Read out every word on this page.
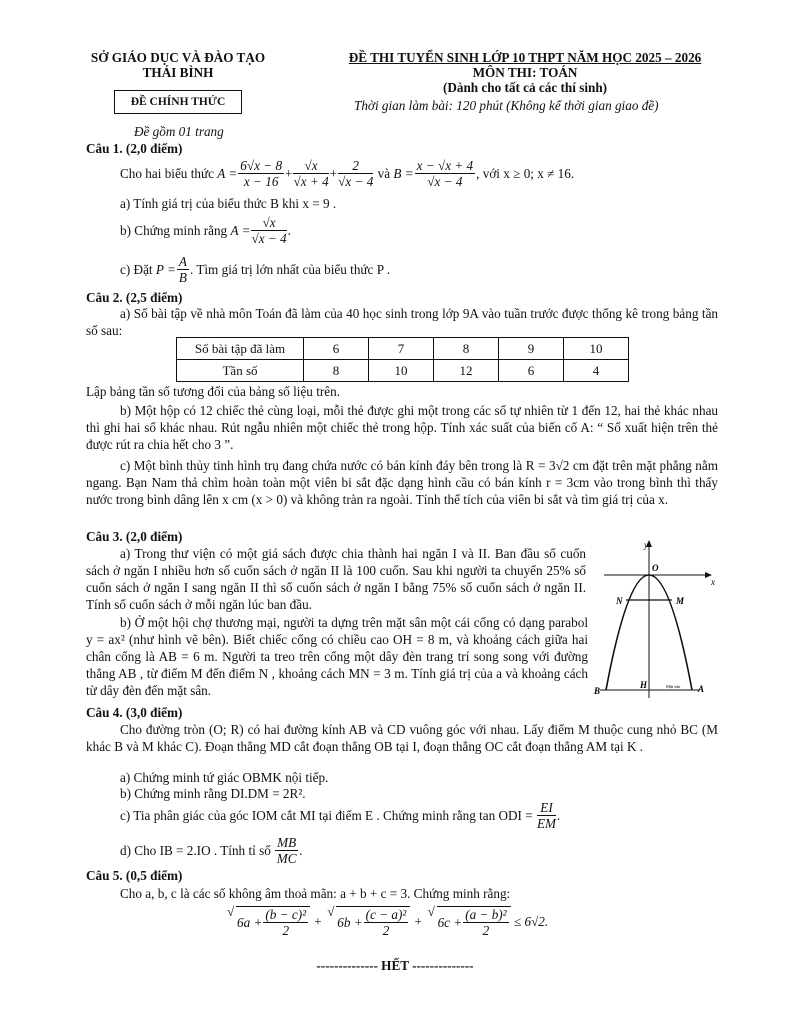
SỞ GIÁO DỤC VÀ ĐÀO TẠO
THÁI BÌNH
ĐỀ CHÍNH THỨC
Đề gồm 01 trang
ĐỀ THI TUYỂN SINH LỚP 10 THPT NĂM HỌC 2025 – 2026
MÔN THI: TOÁN
(Dành cho tất cả các thí sinh)
Thời gian làm bài: 120 phút (Không kể thời gian giao đề)
Câu 1. (2,0 điểm)
Cho hai biểu thức
$A = \frac{6√x - 8}{x - 16} + \frac{√x}{√x + 4} + \frac{2}{√x - 4}$
và
$B = \frac{x - √x + 4}{√x - 4}$ , với x ≥ 0; x ≠ 16.
a) Tính giá trị của biểu thức B khi x = 9 .
b) Chứng minh rằng
$A = \frac{√x}{√x - 4}$ .
c) Đặt
$P = \frac{A}{B}$ . Tìm giá trị lớn nhất của biểu thức P .
Câu 2. (2,5 điểm)

a) Số bài tập về nhà môn Toán đã làm của 40 học sinh trong lớp 9A vào tuần trước được thống kê trong bảng tần số sau:

Số bài tập đã làm	6	7	8	9	10
Tần số	8	10	12	6	4
Lập bảng tần số tương đối của bảng số liệu trên.

b) Một hộp có 12 chiếc thẻ cùng loại, mỗi thẻ được ghi một trong các số tự nhiên từ 1 đến 12, hai thẻ khác nhau thì ghi hai số khác nhau. Rút ngẫu nhiên một chiếc thẻ trong hộp. Tính xác suất của biến cố A: “ Số xuất hiện trên thẻ được rút ra chia hết cho 3 ”.

c) Một bình thủy tinh hình trụ đang chứa nước có bán kính đáy bên trong là R = 3√2 cm đặt trên mặt phẳng nằm ngang. Bạn Nam thả chìm hoàn toàn một viên bi sắt đặc dạng hình cầu có bán kính r = 3cm vào trong bình thì thấy nước trong bình dâng lên x cm (x > 0) và không tràn ra ngoài. Tính thể tích của viên bi sắt và tìm giá trị của x.

Câu 3. (2,0 điểm)

a) Trong thư viện có một giá sách được chia thành hai ngăn I và II. Ban đầu số cuốn sách ở ngăn I nhiều hơn số cuốn sách ở ngăn II là 100 cuốn. Sau khi người ta chuyển 25% số cuốn sách ở ngăn I sang ngăn II thì số cuốn sách ở ngăn I bằng 75% số cuốn sách ở ngăn II. Tính số cuốn sách ở mỗi ngăn lúc ban đầu.

b) Ở một hội chợ thương mại, người ta dựng trên mặt sân một cái cổng có dạng parabol y = ax² (như hình vẽ bên). Biết chiếc cổng có chiều cao OH = 8 m, và khoảng cách giữa hai chân cổng là AB = 6 m. Người ta treo trên cổng một dây đèn trang trí song song với đường thẳng AB , từ điểm M đến điểm N , khoảng cách MN = 3 m. Tính giá trị của a và khoảng cách từ dây đèn đến mặt sân.

y
x
O
N	M
B
H	A
Mặt sân
Câu 4. (3,0 điểm)

Cho đường tròn (O; R) có hai đường kính AB và CD vuông góc với nhau. Lấy điểm M thuộc cung nhỏ BC (M khác B và M khác C). Đoạn thẳng MD cắt đoạn thẳng OB tại I, đoạn thẳng OC cắt đoạn thẳng AM tại K .

a) Chứng minh tứ giác OBMK nội tiếp.
b) Chứng minh rằng DI.DM = 2R².
c) Tia phân giác của góc IOM cắt MI tại điểm E . Chứng minh rằng tan ODI =
$\frac{EI}{EM}$ .
d) Cho IB = 2.IO . Tính tỉ số
$\frac{MB}{MC}$ .
Câu 5. (0,5 điểm)
Cho a, b, c là các số không âm thoả mãn: a + b + c = 3. Chứng minh rằng:
√ $6a + \frac{\text{(b − c)²}}{2}$ + √ $6b + \frac{\text{(c − a)²}}{2}$ + √ $6c + \frac{\text{(a − b)²}}{2}$
≤ 6√2.
-------------- HẾT --------------
